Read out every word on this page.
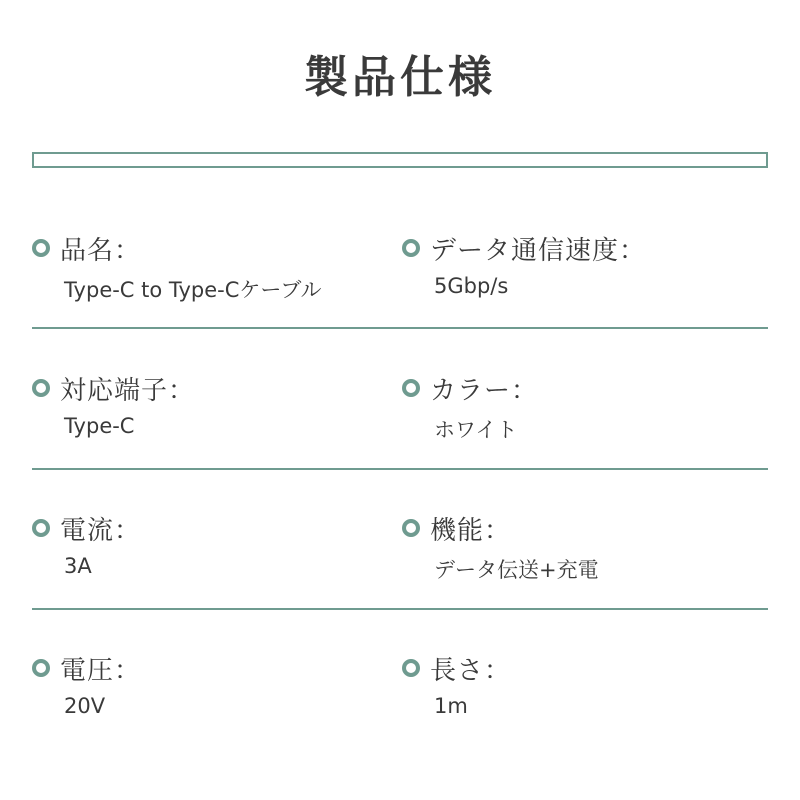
製品仕様
品名：
Type-C to Type-Cケーブル
データ通信速度：
5Gbp/s
対応端子：
Type-C
カラー：
ホワイト
電流：
3A
機能：
データ伝送+充電
電圧：
20V
長さ：
1m
